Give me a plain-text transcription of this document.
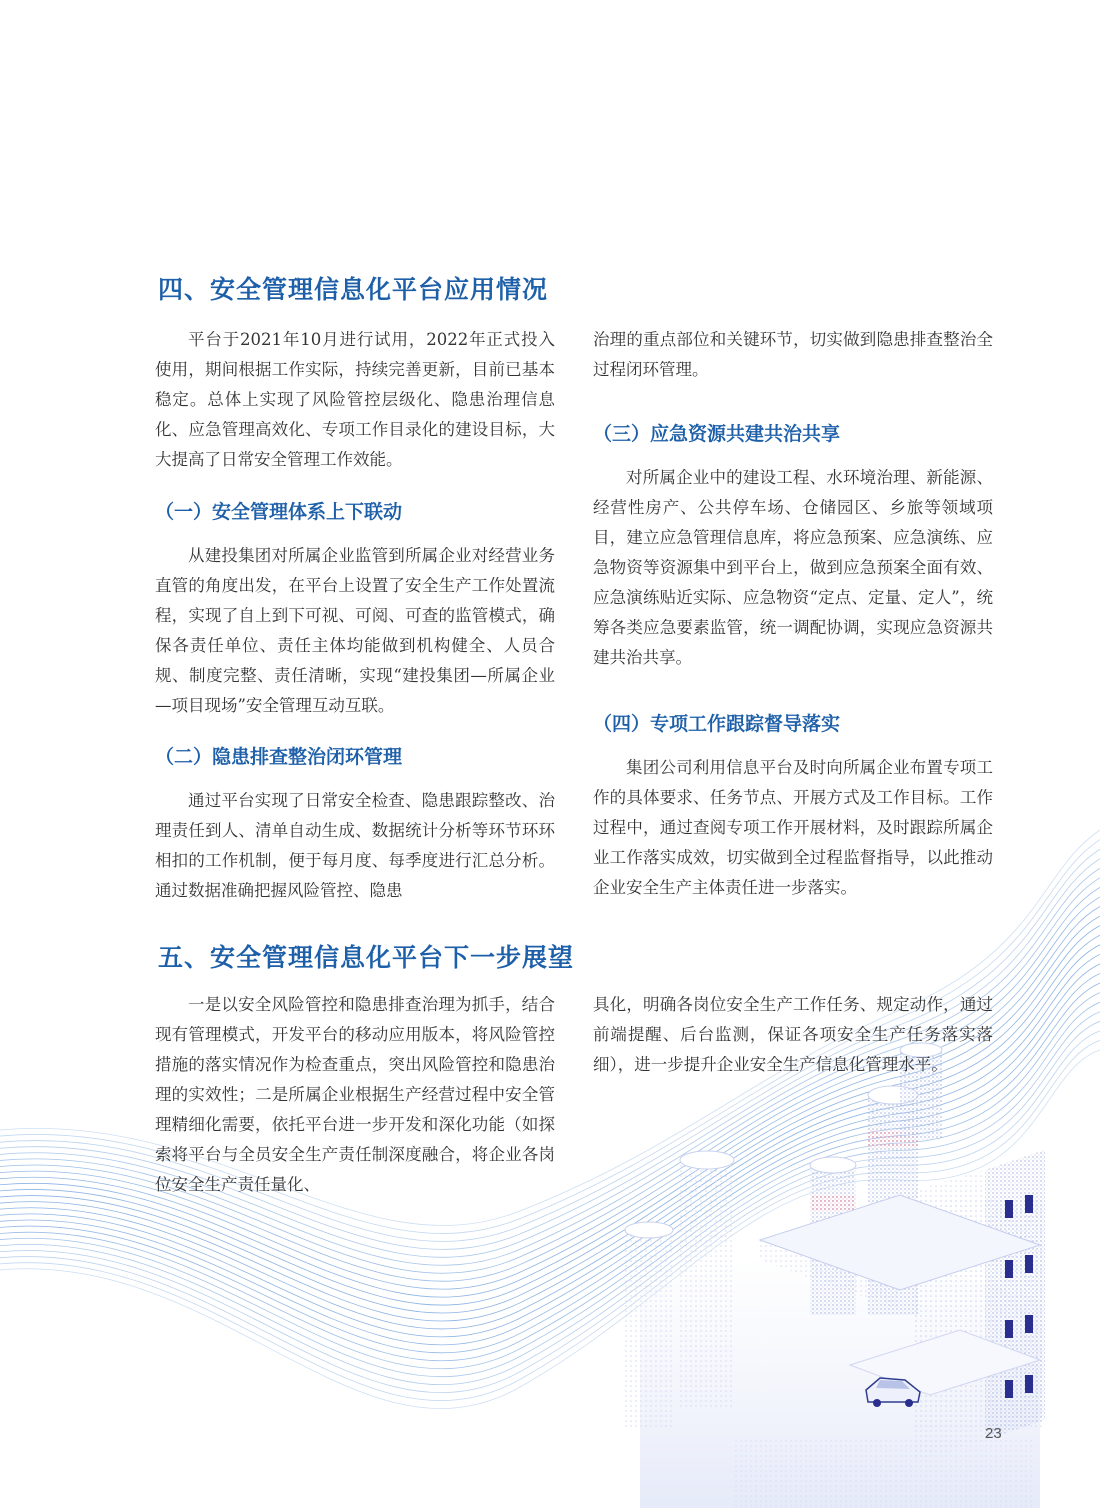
四、安全管理信息化平台应用情况

平台于2021年10月进行试用，2022年正式投入使用，期间根据工作实际，持续完善更新，目前已基本稳定。总体上实现了风险管控层级化、隐患治理信息化、应急管理高效化、专项工作目录化的建设目标，大大提高了日常安全管理工作效能。

（一）安全管理体系上下联动

从建投集团对所属企业监管到所属企业对经营业务直管的角度出发，在平台上设置了安全生产工作处置流程，实现了自上到下可视、可阅、可查的监管模式，确保各责任单位、责任主体均能做到机构健全、人员合规、制度完整、责任清晰，实现“建投集团—所属企业—项目现场”安全管理互动互联。

（二）隐患排查整治闭环管理

通过平台实现了日常安全检查、隐患跟踪整改、治理责任到人、清单自动生成、数据统计分析等环节环环相扣的工作机制，便于每月度、每季度进行汇总分析。通过数据准确把握风险管控、隐患

治理的重点部位和关键环节，切实做到隐患排查整治全过程闭环管理。

（三）应急资源共建共治共享

对所属企业中的建设工程、水环境治理、新能源、经营性房产、公共停车场、仓储园区、乡旅等领域项目，建立应急管理信息库，将应急预案、应急演练、应急物资等资源集中到平台上，做到应急预案全面有效、应急演练贴近实际、应急物资“定点、定量、定人”，统筹各类应急要素监管，统一调配协调，实现应急资源共建共治共享。

（四）专项工作跟踪督导落实

集团公司利用信息平台及时向所属企业布置专项工作的具体要求、任务节点、开展方式及工作目标。工作过程中，通过查阅专项工作开展材料，及时跟踪所属企业工作落实成效，切实做到全过程监督指导，以此推动企业安全生产主体责任进一步落实。

五、安全管理信息化平台下一步展望

一是以安全风险管控和隐患排查治理为抓手，结合现有管理模式，开发平台的移动应用版本，将风险管控措施的落实情况作为检查重点，突出风险管控和隐患治理的实效性；二是所属企业根据生产经营过程中安全管理精细化需要，依托平台进一步开发和深化功能（如探索将平台与全员安全生产责任制深度融合，将企业各岗位安全生产责任量化、

具化，明确各岗位安全生产工作任务、规定动作，通过前端提醒、后台监测，保证各项安全生产任务落实落细），进一步提升企业安全生产信息化管理水平。

23
